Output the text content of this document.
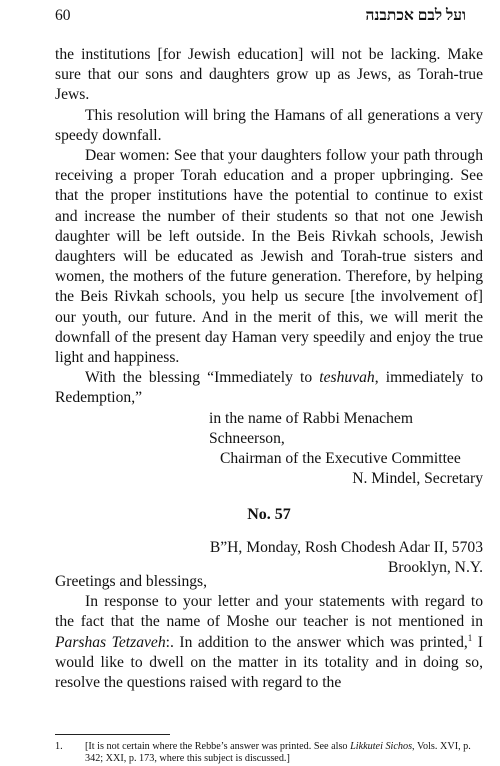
60	ועל לבם אכתבנה

the institutions [for Jewish education] will not be lacking. Make sure that our sons and daughters grow up as Jews, as Torah-true Jews.

This resolution will bring the Hamans of all generations a very speedy downfall.

Dear women: See that your daughters follow your path through receiving a proper Torah education and a proper upbringing. See that the proper institutions have the potential to continue to exist and increase the number of their students so that not one Jewish daughter will be left outside. In the Beis Rivkah schools, Jewish daughters will be educated as Jewish and Torah-true sisters and women, the mothers of the future generation. Therefore, by helping the Beis Rivkah schools, you help us secure [the involvement of] our youth, our future. And in the merit of this, we will merit the downfall of the present day Haman very speedily and enjoy the true light and happiness.

With the blessing “Immediately to teshuvah, immediately to Redemption,”

in the name of Rabbi Menachem Schneerson,

Chairman of the Executive Committee

N. Mindel, Secretary

No. 57
B”H, Monday, Rosh Chodesh Adar II, 5703
Brooklyn, N.Y.

Greetings and blessings,

In response to your letter and your statements with regard to the fact that the name of Moshe our teacher is not mentioned in Parshas Tetzaveh:. In addition to the answer which was printed,$^1$ I would like to dwell on the matter in its totality and in doing so, resolve the questions raised with regard to the

1. [It is not certain where the Rebbe’s answer was printed. See also Likkutei Sichos, Vols. XVI, p. 342; XXI, p. 173, where this subject is discussed.]
